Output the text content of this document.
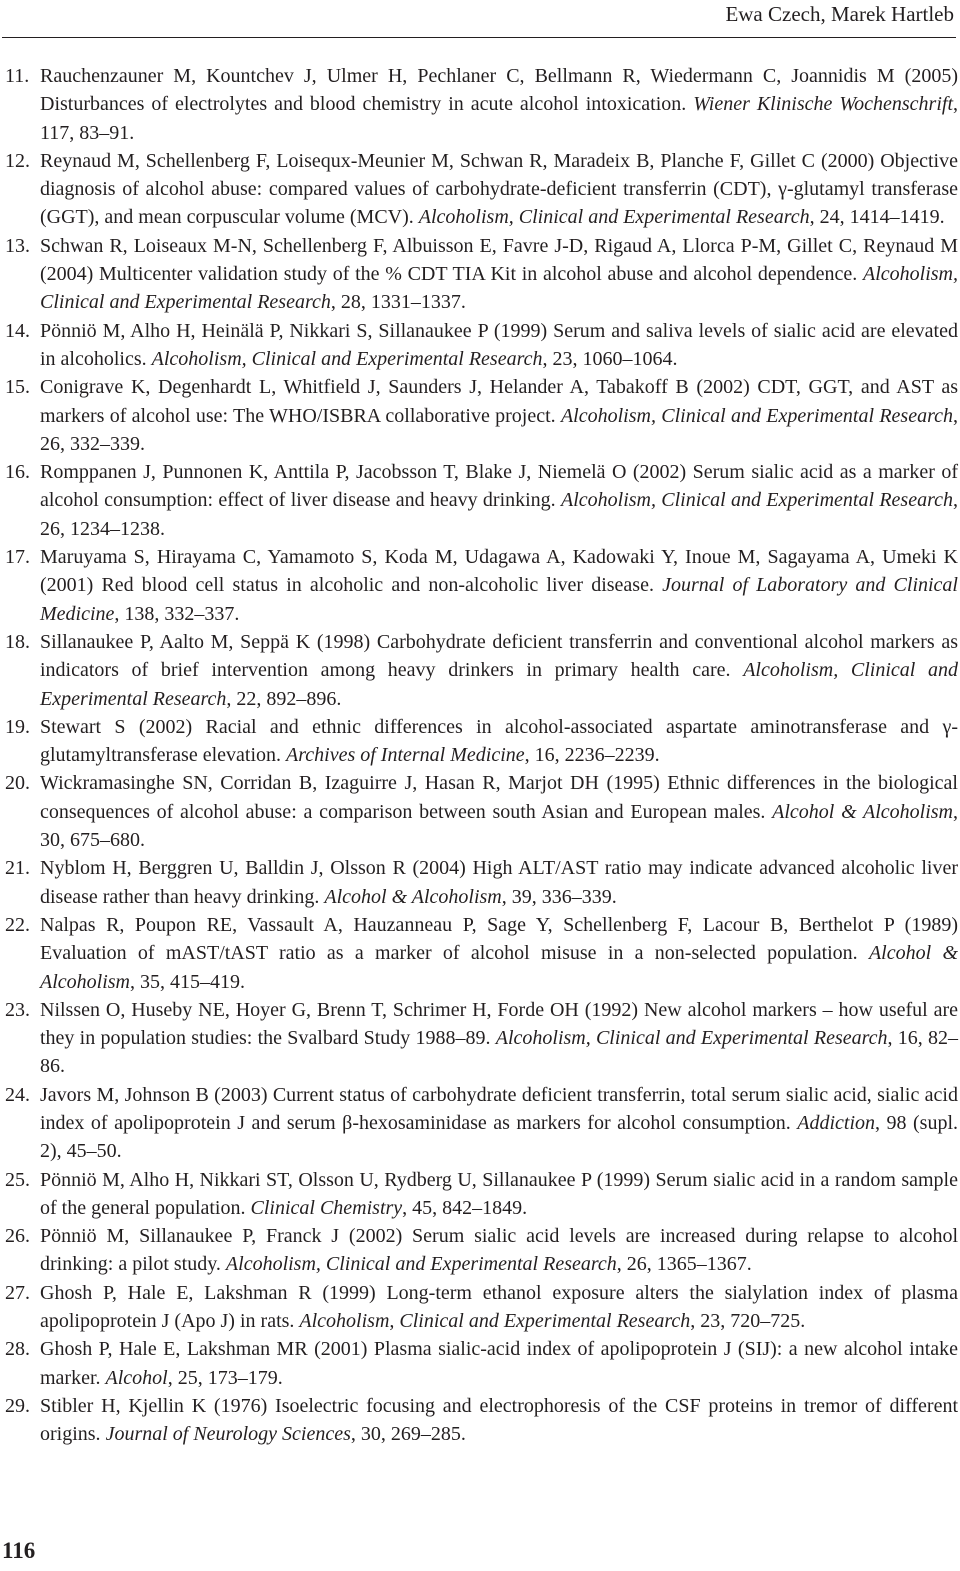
Ewa Czech, Marek Hartleb
11. Rauchenzauner M, Kountchev J, Ulmer H, Pechlaner C, Bellmann R, Wiedermann C, Joannidis M (2005) Disturbances of electrolytes and blood chemistry in acute alcohol intoxication. Wiener Klinische Wochenschrift, 117, 83–91.
12. Reynaud M, Schellenberg F, Loisequx-Meunier M, Schwan R, Maradeix B, Planche F, Gillet C (2000) Objective diagnosis of alcohol abuse: compared values of carbohydrate-deficient transferrin (CDT), γ-glutamyl transferase (GGT), and mean corpuscular volume (MCV). Alcoholism, Clinical and Experimental Research, 24, 1414–1419.
13. Schwan R, Loiseaux M-N, Schellenberg F, Albuisson E, Favre J-D, Rigaud A, Llorca P-M, Gillet C, Reynaud M (2004) Multicenter validation study of the % CDT TIA Kit in alcohol abuse and alcohol dependence. Alcoholism, Clinical and Experimental Research, 28, 1331–1337.
14. Pönniö M, Alho H, Heinälä P, Nikkari S, Sillanaukee P (1999) Serum and saliva levels of sialic acid are elevated in alcoholics. Alcoholism, Clinical and Experimental Research, 23, 1060–1064.
15. Conigrave K, Degenhardt L, Whitfield J, Saunders J, Helander A, Tabakoff B (2002) CDT, GGT, and AST as markers of alcohol use: The WHO/ISBRA collaborative project. Alcoholism, Clinical and Experimental Research, 26, 332–339.
16. Romppanen J, Punnonen K, Anttila P, Jacobsson T, Blake J, Niemelä O (2002) Serum sialic acid as a marker of alcohol consumption: effect of liver disease and heavy drinking. Alcoholism, Clinical and Experimental Research, 26, 1234–1238.
17. Maruyama S, Hirayama C, Yamamoto S, Koda M, Udagawa A, Kadowaki Y, Inoue M, Sagayama A, Umeki K (2001) Red blood cell status in alcoholic and non-alcoholic liver disease. Journal of Laboratory and Clinical Medicine, 138, 332–337.
18. Sillanaukee P, Aalto M, Seppä K (1998) Carbohydrate deficient transferrin and conventional alcohol markers as indicators of brief intervention among heavy drinkers in primary health care. Alcoholism, Clinical and Experimental Research, 22, 892–896.
19. Stewart S (2002) Racial and ethnic differences in alcohol-associated aspartate aminotransferase and γ-glutamyltransferase elevation. Archives of Internal Medicine, 16, 2236–2239.
20. Wickramasinghe SN, Corridan B, Izaguirre J, Hasan R, Marjot DH (1995) Ethnic differences in the biological consequences of alcohol abuse: a comparison between south Asian and European males. Alcohol & Alcoholism, 30, 675–680.
21. Nyblom H, Berggren U, Balldin J, Olsson R (2004) High ALT/AST ratio may indicate advanced alcoholic liver disease rather than heavy drinking. Alcohol & Alcoholism, 39, 336–339.
22. Nalpas R, Poupon RE, Vassault A, Hauzanneau P, Sage Y, Schellenberg F, Lacour B, Berthelot P (1989) Evaluation of mAST/tAST ratio as a marker of alcohol misuse in a non-selected population. Alcohol & Alcoholism, 35, 415–419.
23. Nilssen O, Huseby NE, Hoyer G, Brenn T, Schrimer H, Forde OH (1992) New alcohol markers – how useful are they in population studies: the Svalbard Study 1988–89. Alcoholism, Clinical and Experimental Research, 16, 82–86.
24. Javors M, Johnson B (2003) Current status of carbohydrate deficient transferrin, total serum sialic acid, sialic acid index of apolipoprotein J and serum β-hexosaminidase as markers for alcohol consumption. Addiction, 98 (supl. 2), 45–50.
25. Pönniö M, Alho H, Nikkari ST, Olsson U, Rydberg U, Sillanaukee P (1999) Serum sialic acid in a random sample of the general population. Clinical Chemistry, 45, 842–1849.
26. Pönniö M, Sillanaukee P, Franck J (2002) Serum sialic acid levels are increased during relapse to alcohol drinking: a pilot study. Alcoholism, Clinical and Experimental Research, 26, 1365–1367.
27. Ghosh P, Hale E, Lakshman R (1999) Long-term ethanol exposure alters the sialylation index of plasma apolipoprotein J (Apo J) in rats. Alcoholism, Clinical and Experimental Research, 23, 720–725.
28. Ghosh P, Hale E, Lakshman MR (2001) Plasma sialic-acid index of apolipoprotein J (SIJ): a new alcohol intake marker. Alcohol, 25, 173–179.
29. Stibler H, Kjellin K (1976) Isoelectric focusing and electrophoresis of the CSF proteins in tremor of different origins. Journal of Neurology Sciences, 30, 269–285.
116
